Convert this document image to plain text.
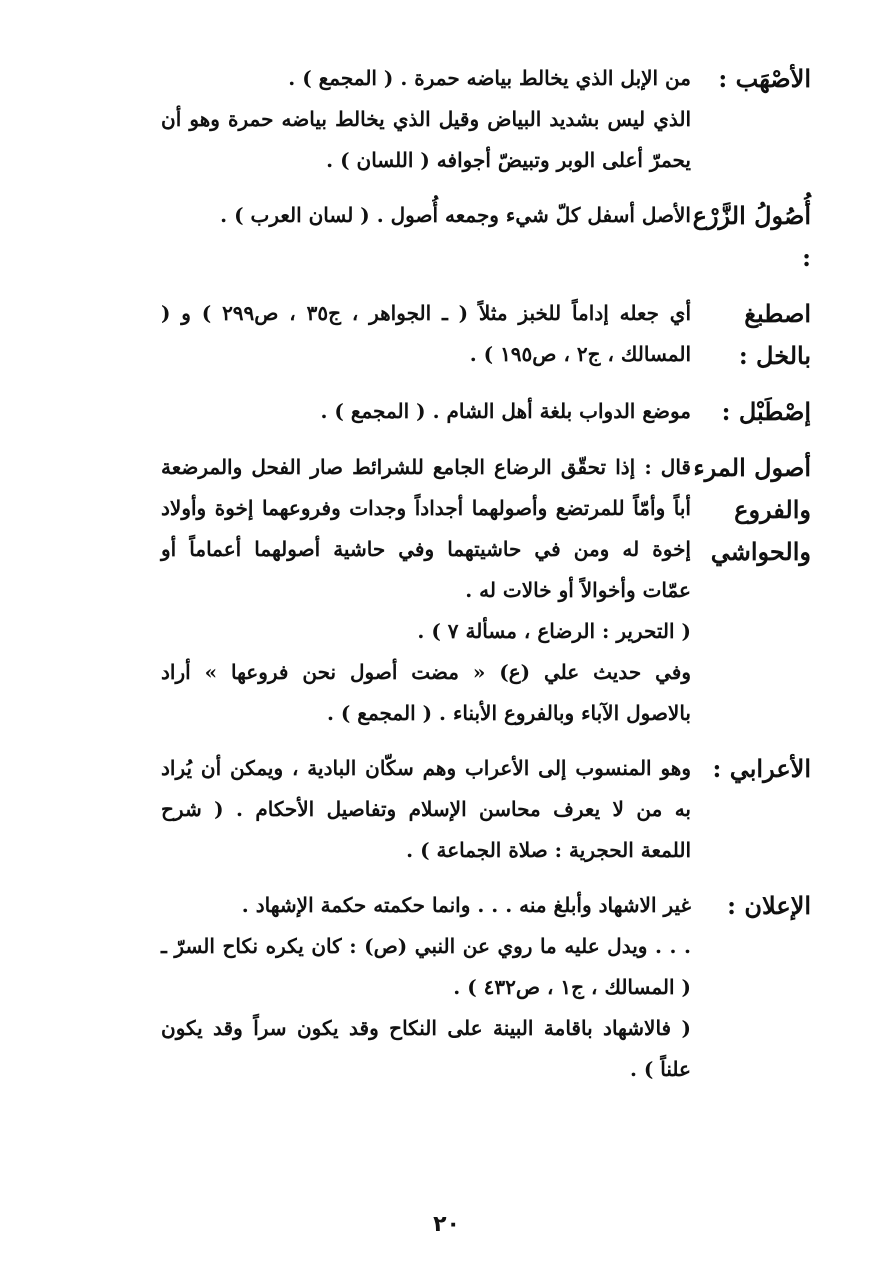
الأصْهَب :

من الإبل الذي يخالط بياضه حمرة . ( المجمع ) .

الذي ليس بشديد البياض وقيل الذي يخالط بياضه حمرة وهو أن يحمرّ أعلى الوبر وتبيضّ أجوافه ( اللسان ) .

أُصُولُ الزَّرْع :

الأصل أسفل كلّ شيء وجمعه أُصول . ( لسان العرب ) .

اصطبغ بالخل :

أي جعله إداماً للخبز مثلاً ( ـ الجواهر ، ج٣٥ ، ص٢٩٩ ) و ( المسالك ، ج٢ ، ص١٩٥ ) .

إصْطَبْل :

موضع الدواب بلغة أهل الشام . ( المجمع ) .

أصول المرء والفروع والحواشي

قال : إذا تحقّق الرضاع الجامع للشرائط صار الفحل والمرضعة أباً وأمّاً للمرتضع وأصولهما أجداداً وجدات وفروعهما إخوة وأولاد إخوة له ومن في حاشيتهما وفي حاشية أصولهما أعماماً أو عمّات وأخوالاً أو خالات له .

( التحرير : الرضاع ، مسألة ٧ ) .

وفي حديث علي (ع) « مضت أصول نحن فروعها » أراد بالاصول الآباء وبالفروع الأبناء . ( المجمع ) .

الأعرابي :

وهو المنسوب إلى الأعراب وهم سكّان البادية ، ويمكن أن يُراد به من لا يعرف محاسن الإسلام وتفاصيل الأحكام . ( شرح اللمعة الحجرية : صلاة الجماعة ) .

الإعلان :

غير الاشهاد وأبلغ منه . . . وانما حكمته حكمة الإشهاد .

. . . ويدل عليه ما روي عن النبي (ص) : كان يكره نكاح السرّ ـ ( المسالك ، ج١ ، ص٤٣٢ ) .

( فالاشهاد باقامة البينة على النكاح وقد يكون سراً وقد يكون علناً ) .

٢٠
